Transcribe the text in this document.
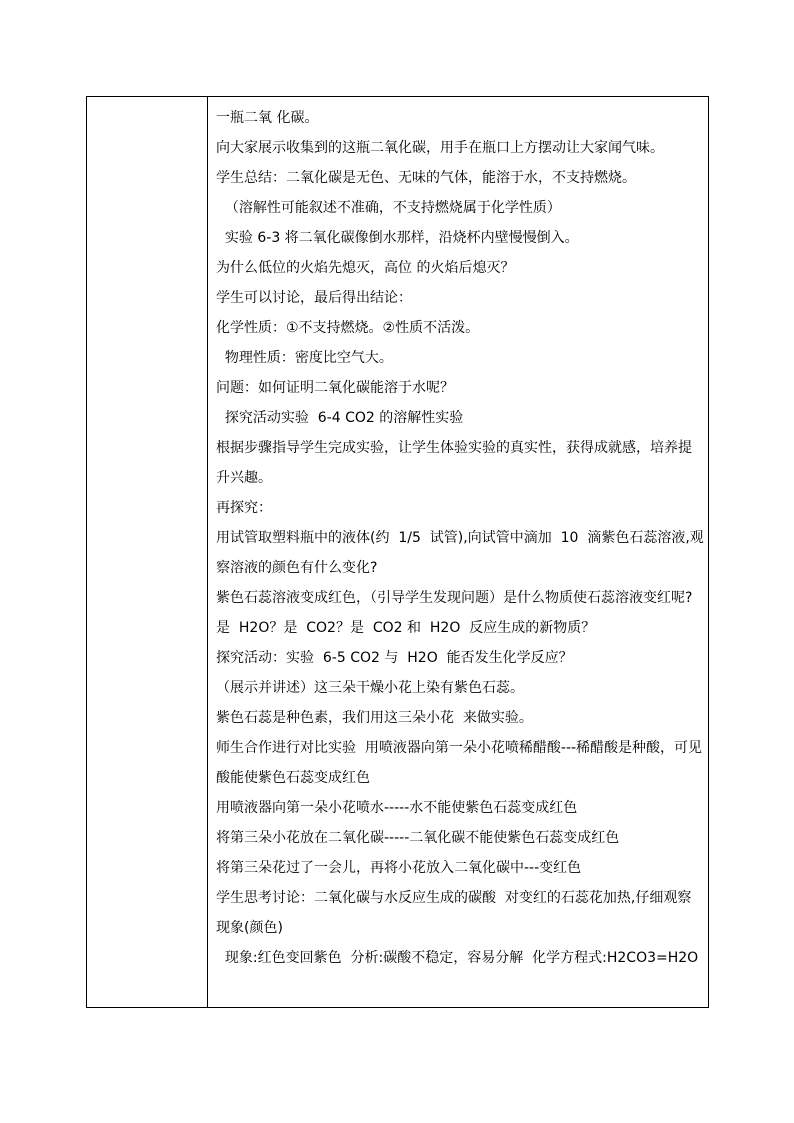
一瓶二氧 化碳。

向大家展示收集到的这瓶二氧化碳，用手在瓶口上方摆动让大家闻气味。

学生总结：二氧化碳是无色、无味的气体，能溶于水，不支持燃烧。

（溶解性可能叙述不准确，不支持燃烧属于化学性质）

实验 6-3 将二氧化碳像倒水那样，沿烧杯内壁慢慢倒入。

为什么低位的火焰先熄灭，高位 的火焰后熄灭？

学生可以讨论，最后得出结论：

化学性质：①不支持燃烧。②性质不活泼。

物理性质：密度比空气大。

问题：如何证明二氧化碳能溶于水呢？

探究活动实验  6-4 CO2 的溶解性实验

根据步骤指导学生完成实验，让学生体验实验的真实性，获得成就感，培养提升兴趣。

再探究：

用试管取塑料瓶中的液体(约  1/5  试管),向试管中滴加  10  滴紫色石蕊溶液,观察溶液的颜色有什么变化?

紫色石蕊溶液变成红色，（引导学生发现问题）是什么物质使石蕊溶液变红呢?是  H2O？是  CO2？是  CO2 和  H2O  反应生成的新物质？

探究活动：实验  6-5 CO2 与  H2O  能否发生化学反应？

（展示并讲述）这三朵干燥小花上染有紫色石蕊。

紫色石蕊是种色素，我们用这三朵小花  来做实验。

师生合作进行对比实验  用喷液器向第一朵小花喷稀醋酸---稀醋酸是种酸，可见酸能使紫色石蕊变成红色

用喷液器向第一朵小花喷水-----水不能使紫色石蕊变成红色

将第三朵小花放在二氧化碳-----二氧化碳不能使紫色石蕊变成红色

将第三朵花过了一会儿，再将小花放入二氧化碳中---变红色

学生思考讨论：二氧化碳与水反应生成的碳酸  对变红的石蕊花加热,仔细观察现象(颜色)

现象:红色变回紫色  分析:碳酸不稳定，容易分解  化学方程式:H2CO3=H2O
